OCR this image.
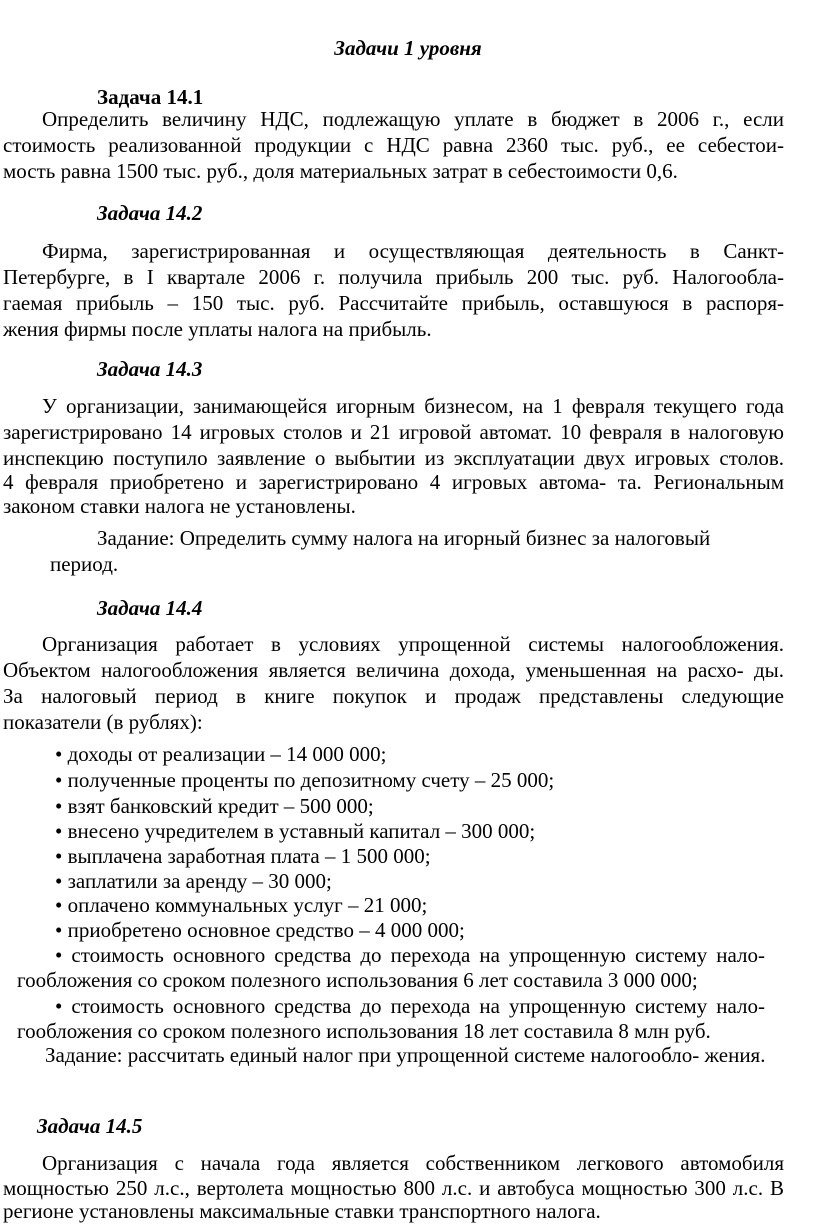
Задачи 1 уровня
Задача 14.1
Определить величину НДС, подлежащую уплате в бюджет в 2006 г., если
стоимость реализованной продукции с НДС равна 2360 тыс. руб., ее себестои-
мость равна 1500 тыс. руб., доля материальных затрат в себестоимости 0,6.
Задача 14.2
Фирма, зарегистрированная и осуществляющая деятельность в Санкт-
Петербурге, в I квартале 2006 г. получила прибыль 200 тыс. руб. Налогообла-
гаемая прибыль – 150 тыс. руб. Рассчитайте прибыль, оставшуюся в распоря-
жения фирмы после уплаты налога на прибыль.
Задача 14.3
У организации, занимающейся игорным бизнесом, на 1 февраля текущего года
зарегистрировано 14 игровых столов и 21 игровой автомат. 10 февраля в налоговую
инспекцию поступило заявление о выбытии из эксплуатации двух игровых столов.
4 февраля приобретено и зарегистрировано 4 игровых автома- та. Региональным
законом ставки налога не установлены.
Задание: Определить сумму налога на игорный бизнес за налоговый
период.
Задача 14.4
Организация работает в условиях упрощенной системы налогообложения.
Объектом налогообложения является величина дохода, уменьшенная на расхо- ды.
За налоговый период в книге покупок и продаж представлены следующие
показатели (в рублях):
• доходы от реализации – 14 000 000;
• полученные проценты по депозитному счету – 25 000;
• взят банковский кредит – 500 000;
• внесено учредителем в уставный капитал – 300 000;
• выплачена заработная плата – 1 500 000;
• заплатили за аренду – 30 000;
• оплачено коммунальных услуг – 21 000;
• приобретено основное средство – 4 000 000;
• стоимость основного средства до перехода на упрощенную систему нало-
гообложения со сроком полезного использования 6 лет составила 3 000 000;
• стоимость основного средства до перехода на упрощенную систему нало-
гообложения со сроком полезного использования 18 лет составила 8 млн руб.
Задание: рассчитать единый налог при упрощенной системе налогообло- жения.
Задача 14.5
Организация с начала года является собственником легкового автомобиля
мощностью 250 л.с., вертолета мощностью 800 л.с. и автобуса мощностью 300 л.с. В
регионе установлены максимальные ставки транспортного налога.
